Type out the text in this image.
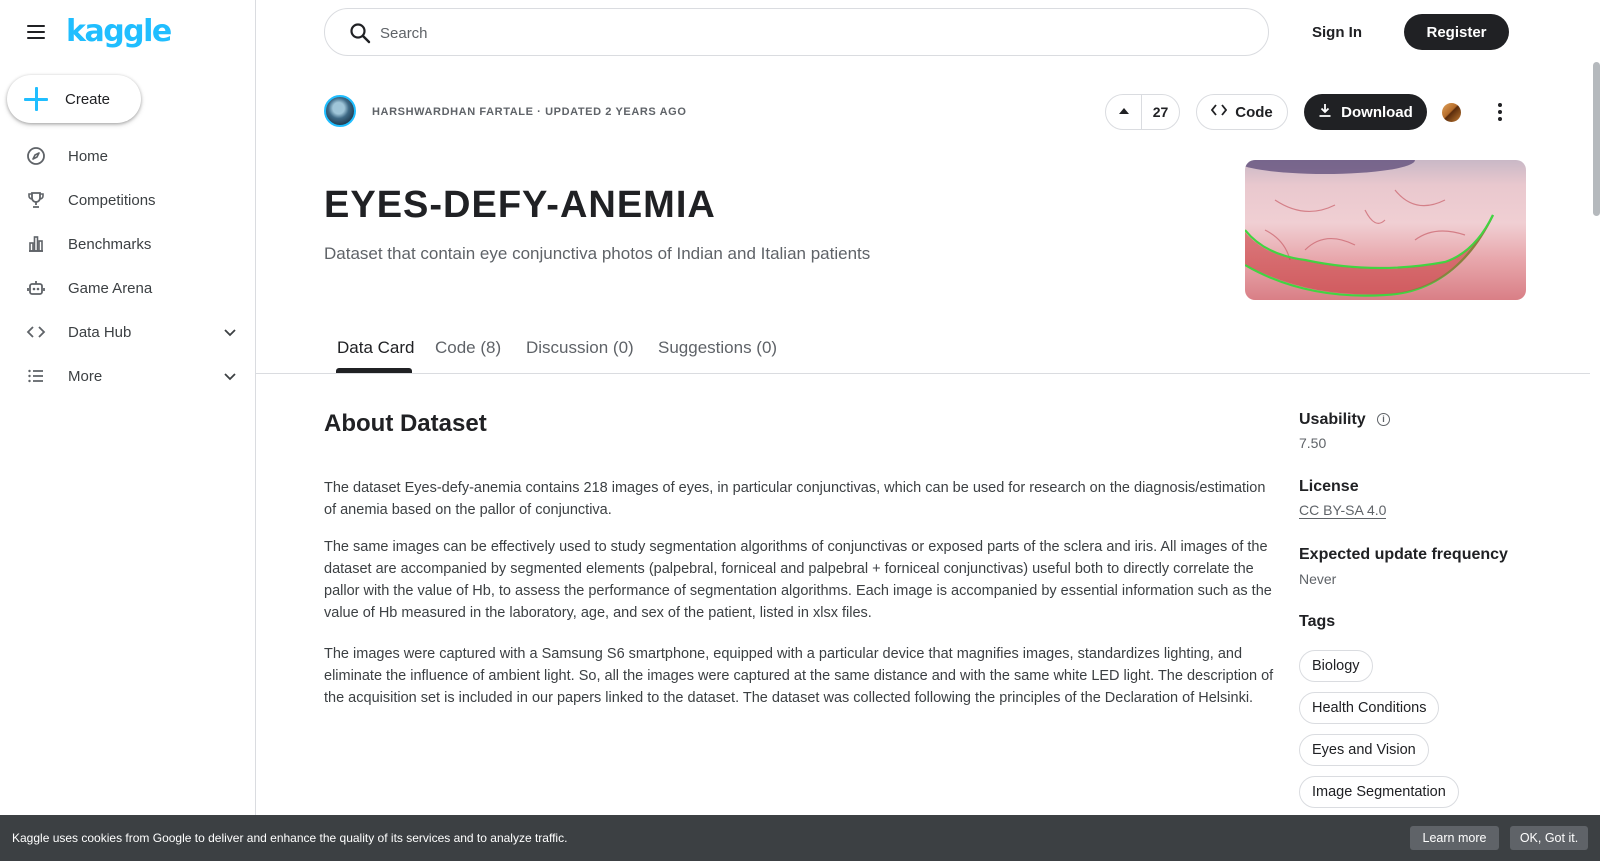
kaggle
Create
Home
Competitions
Benchmarks
Game Arena
Data Hub
More
Search
Sign In	Register
HARSHWARDHAN FARTALE · UPDATED 2 YEARS AGO	27	Code	Download
EYES-DEFY-ANEMIA
Dataset that contain eye conjunctiva photos of Indian and Italian patients
Data Card Code (8) Discussion (0) Suggestions (0)
About Dataset

The dataset Eyes-defy-anemia contains 218 images of eyes, in particular conjunctivas, which can be used for research on the diagnosis/estimation of anemia based on the pallor of conjunctiva.

The same images can be effectively used to study segmentation algorithms of conjunctivas or exposed parts of the sclera and iris. All images of the dataset are accompanied by segmented elements (palpebral, forniceal and palpebral + forniceal conjunctivas) useful both to directly correlate the pallor with the value of Hb, to assess the performance of segmentation algorithms. Each image is accompanied by essential information such as the value of Hb measured in the laboratory, age, and sex of the patient, listed in xlsx files.

The images were captured with a Samsung S6 smartphone, equipped with a particular device that magnifies images, standardizes lighting, and eliminate the influence of ambient light. So, all the images were captured at the same distance and with the same white LED light. The description of the acquisition set is included in our papers linked to the dataset. The dataset was collected following the principles of the Declaration of Helsinki.

Usability	i
7.50
License
CC BY-SA 4.0
Expected update frequency
Never
Tags
Biology
Health Conditions
Eyes and Vision
Image Segmentation
Kaggle uses cookies from Google to deliver and enhance the quality of its services and to analyze traffic.	Learn more	OK, Got it.
